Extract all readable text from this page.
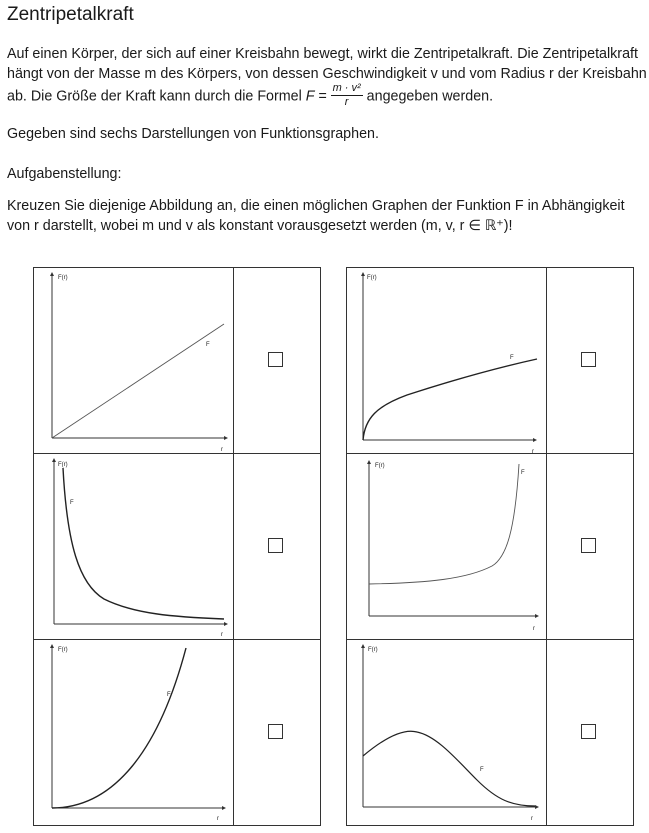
Zentripetalkraft

Auf einen Körper, der sich auf einer Kreisbahn bewegt, wirkt die Zentripetalkraft. Die Zentripetalkraft hängt von der Masse m des Körpers, von dessen Geschwindigkeit v und vom Radius r der Kreisbahn ab. Die Größe der Kraft kann durch die Formel $F = \frac{\text{m · v²}}{r}$ angegeben werden.

Gegeben sind sechs Darstellungen von Funktionsgraphen.

Aufgabenstellung:

Kreuzen Sie diejenige Abbildung an, die einen möglichen Graphen der Funktion F in Abhängigkeit von r darstellt, wobei m und v als konstant vorausgesetzt werden (m, v, r ∈ ℝ⁺)!

F(r)
r
F
F(r)
r
F
F(r)
r
F
F(r)
r
F
F(r)
r
F
F(r)
r
F
